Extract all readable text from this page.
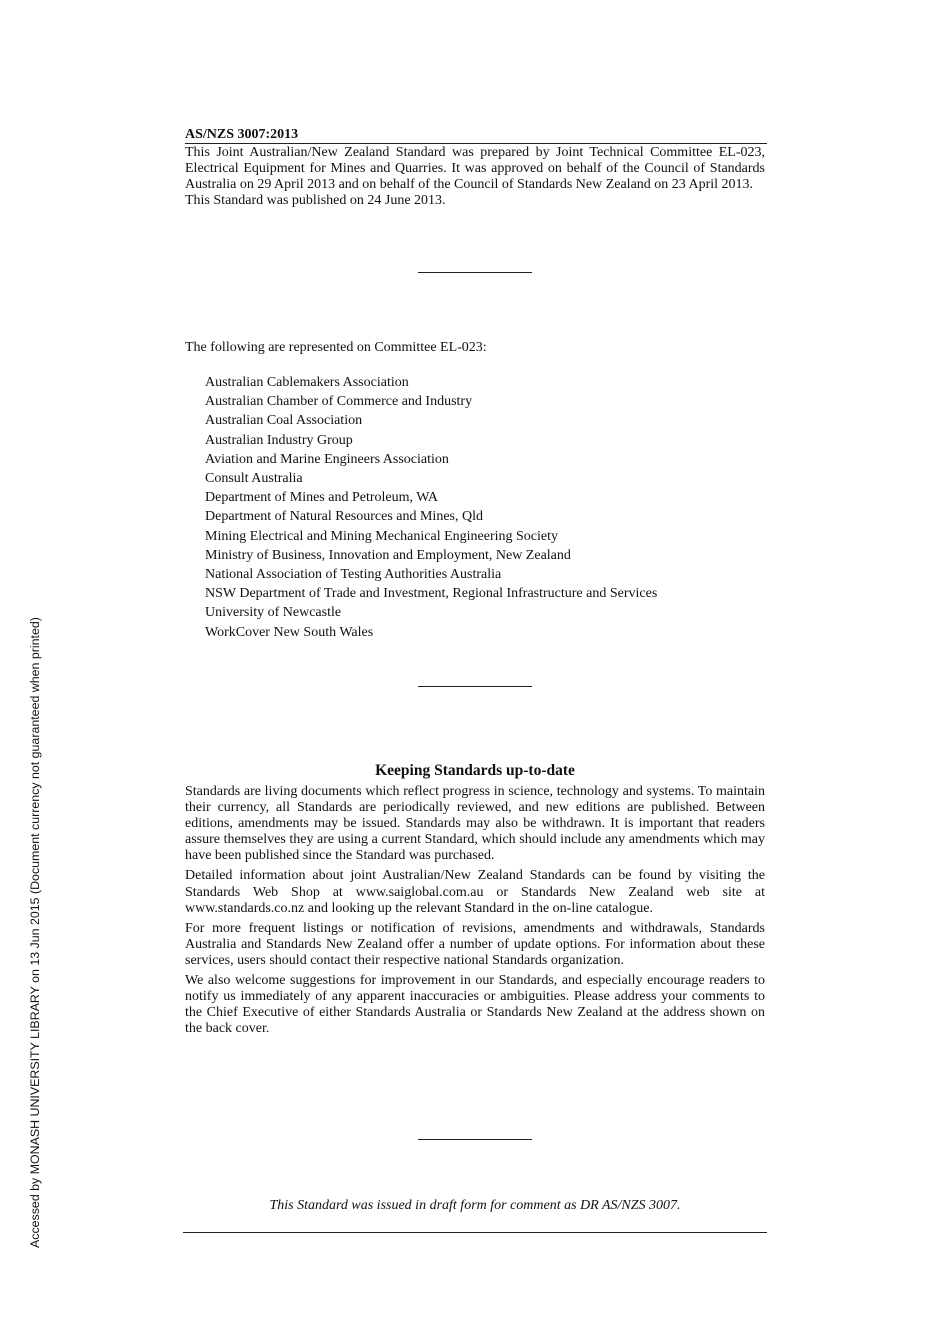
AS/NZS 3007:2013

This Joint Australian/New Zealand Standard was prepared by Joint Technical Committee EL-023, Electrical Equipment for Mines and Quarries. It was approved on behalf of the Council of Standards Australia on 29 April 2013 and on behalf of the Council of Standards New Zealand on 23 April 2013.

This Standard was published on 24 June 2013.

The following are represented on Committee EL-023:
Australian Cablemakers Association
Australian Chamber of Commerce and Industry
Australian Coal Association
Australian Industry Group
Aviation and Marine Engineers Association
Consult Australia
Department of Mines and Petroleum, WA
Department of Natural Resources and Mines, Qld
Mining Electrical and Mining Mechanical Engineering Society
Ministry of Business, Innovation and Employment, New Zealand
National Association of Testing Authorities Australia
NSW Department of Trade and Investment, Regional Infrastructure and Services
University of Newcastle
WorkCover New South Wales
Keeping Standards up-to-date

Standards are living documents which reflect progress in science, technology and systems. To maintain their currency, all Standards are periodically reviewed, and new editions are published. Between editions, amendments may be issued. Standards may also be withdrawn. It is important that readers assure themselves they are using a current Standard, which should include any amendments which may have been published since the Standard was purchased.

Detailed information about joint Australian/New Zealand Standards can be found by visiting the Standards Web Shop at www.saiglobal.com.au or Standards New Zealand web site at www.standards.co.nz and looking up the relevant Standard in the on-line catalogue.

For more frequent listings or notification of revisions, amendments and withdrawals, Standards Australia and Standards New Zealand offer a number of update options. For information about these services, users should contact their respective national Standards organization.

We also welcome suggestions for improvement in our Standards, and especially encourage readers to notify us immediately of any apparent inaccuracies or ambiguities. Please address your comments to the Chief Executive of either Standards Australia or Standards New Zealand at the address shown on the back cover.

This Standard was issued in draft form for comment as DR AS/NZS 3007.
Accessed by MONASH UNIVERSITY LIBRARY on 13 Jun 2015 (Document currency not guaranteed when printed)
